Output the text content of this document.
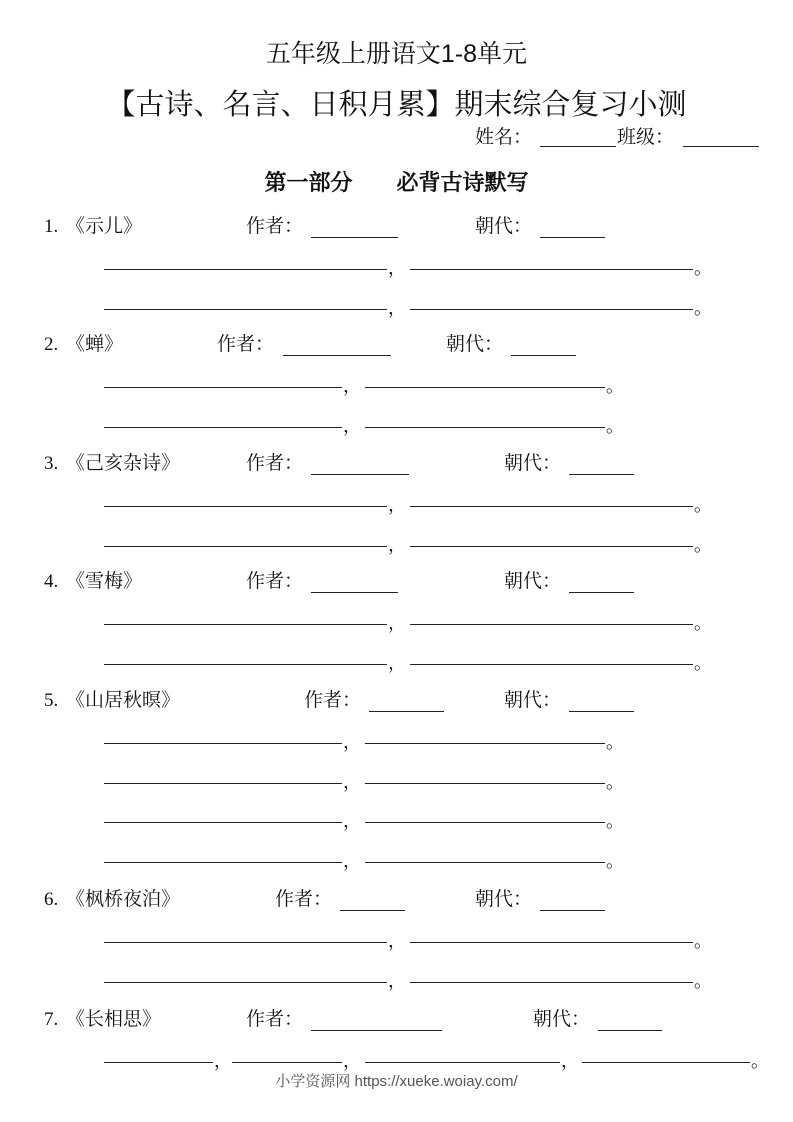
五年级上册语文1-8单元
【古诗、名言、日积月累】期末综合复习小测
姓名：	班级：
第一部分　　必背古诗默写
1. 《示儿》	作者：	朝代：
，	。
，	。
2. 《蝉》	作者：	朝代：
，	。
，	。
3. 《己亥杂诗》	作者：	朝代：
，	。
，	。
4. 《雪梅》	作者：	朝代：
，	。
，	。
5. 《山居秋暝》	作者：	朝代：
，	。
，	。
，	。
，	。
6. 《枫桥夜泊》	作者：	朝代：
，	。
，	。
7. 《长相思》	作者：	朝代：
，	，	，	。
小学资源网 https://xueke.woiay.com/
